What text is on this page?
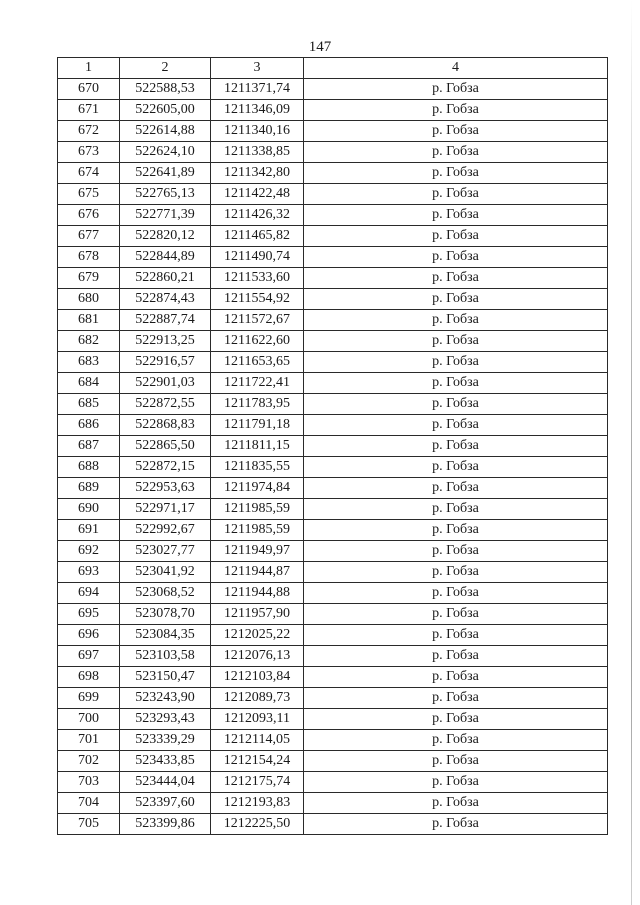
147
1	2	3	4
670	522588,53	1211371,74	р. Гобза
671	522605,00	1211346,09	р. Гобза
672	522614,88	1211340,16	р. Гобза
673	522624,10	1211338,85	р. Гобза
674	522641,89	1211342,80	р. Гобза
675	522765,13	1211422,48	р. Гобза
676	522771,39	1211426,32	р. Гобза
677	522820,12	1211465,82	р. Гобза
678	522844,89	1211490,74	р. Гобза
679	522860,21	1211533,60	р. Гобза
680	522874,43	1211554,92	р. Гобза
681	522887,74	1211572,67	р. Гобза
682	522913,25	1211622,60	р. Гобза
683	522916,57	1211653,65	р. Гобза
684	522901,03	1211722,41	р. Гобза
685	522872,55	1211783,95	р. Гобза
686	522868,83	1211791,18	р. Гобза
687	522865,50	1211811,15	р. Гобза
688	522872,15	1211835,55	р. Гобза
689	522953,63	1211974,84	р. Гобза
690	522971,17	1211985,59	р. Гобза
691	522992,67	1211985,59	р. Гобза
692	523027,77	1211949,97	р. Гобза
693	523041,92	1211944,87	р. Гобза
694	523068,52	1211944,88	р. Гобза
695	523078,70	1211957,90	р. Гобза
696	523084,35	1212025,22	р. Гобза
697	523103,58	1212076,13	р. Гобза
698	523150,47	1212103,84	р. Гобза
699	523243,90	1212089,73	р. Гобза
700	523293,43	1212093,11	р. Гобза
701	523339,29	1212114,05	р. Гобза
702	523433,85	1212154,24	р. Гобза
703	523444,04	1212175,74	р. Гобза
704	523397,60	1212193,83	р. Гобза
705	523399,86	1212225,50	р. Гобза
